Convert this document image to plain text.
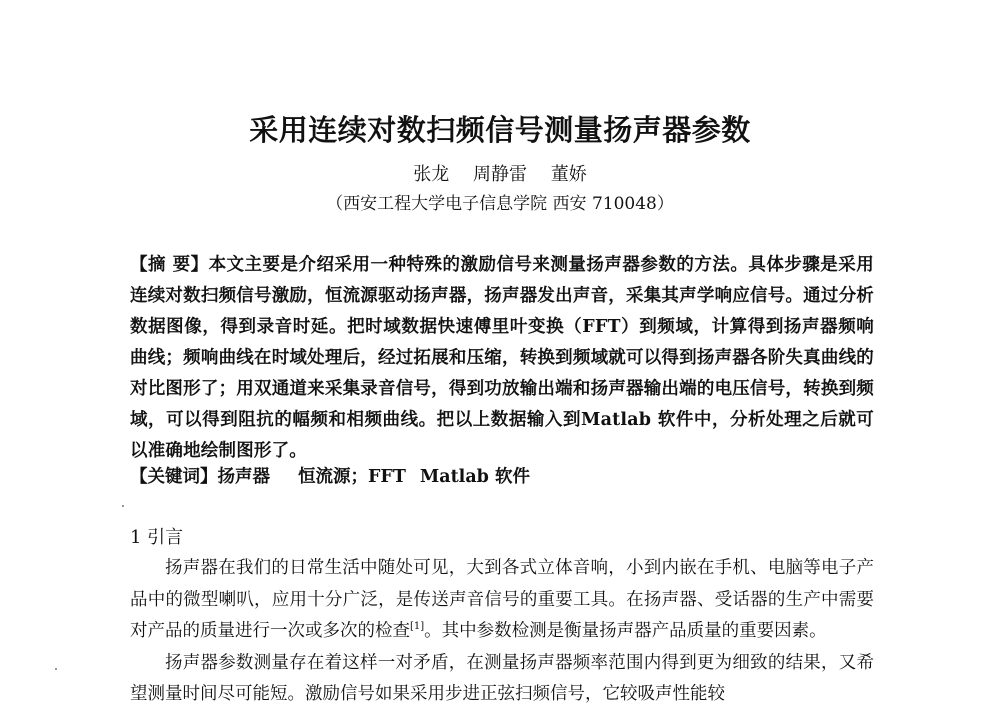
采用连续对数扫频信号测量扬声器参数
张龙 周静雷 董娇
（西安工程大学电子信息学院 西安 710048）
【摘 要】本文主要是介绍采用一种特殊的激励信号来测量扬声器参数的方法。具体步骤是采用连续对数扫频信号激励，恒流源驱动扬声器，扬声器发出声音，采集其声学响应信号。通过分析数据图像，得到录音时延。把时域数据快速傅里叶变换（FFT）到频域，计算得到扬声器频响曲线；频响曲线在时域处理后，经过拓展和压缩，转换到频域就可以得到扬声器各阶失真曲线的对比图形了；用双通道来采集录音信号，得到功放输出端和扬声器输出端的电压信号，转换到频域，可以得到阻抗的幅频和相频曲线。把以上数据输入到Matlab 软件中，分析处理之后就可以准确地绘制图形了。
【关键词】扬声器 恒流源；FFT Matlab 软件
1 引言

扬声器在我们的日常生活中随处可见，大到各式立体音响，小到内嵌在手机、电脑等电子产品中的微型喇叭，应用十分广泛，是传送声音信号的重要工具。在扬声器、受话器的生产中需要对产品的质量进行一次或多次的检查[1]。其中参数检测是衡量扬声器产品质量的重要因素。

扬声器参数测量存在着这样一对矛盾，在测量扬声器频率范围内得到更为细致的结果，又希望测量时间尽可能短。激励信号如果采用步进正弦扫频信号，它较吸声性能较
